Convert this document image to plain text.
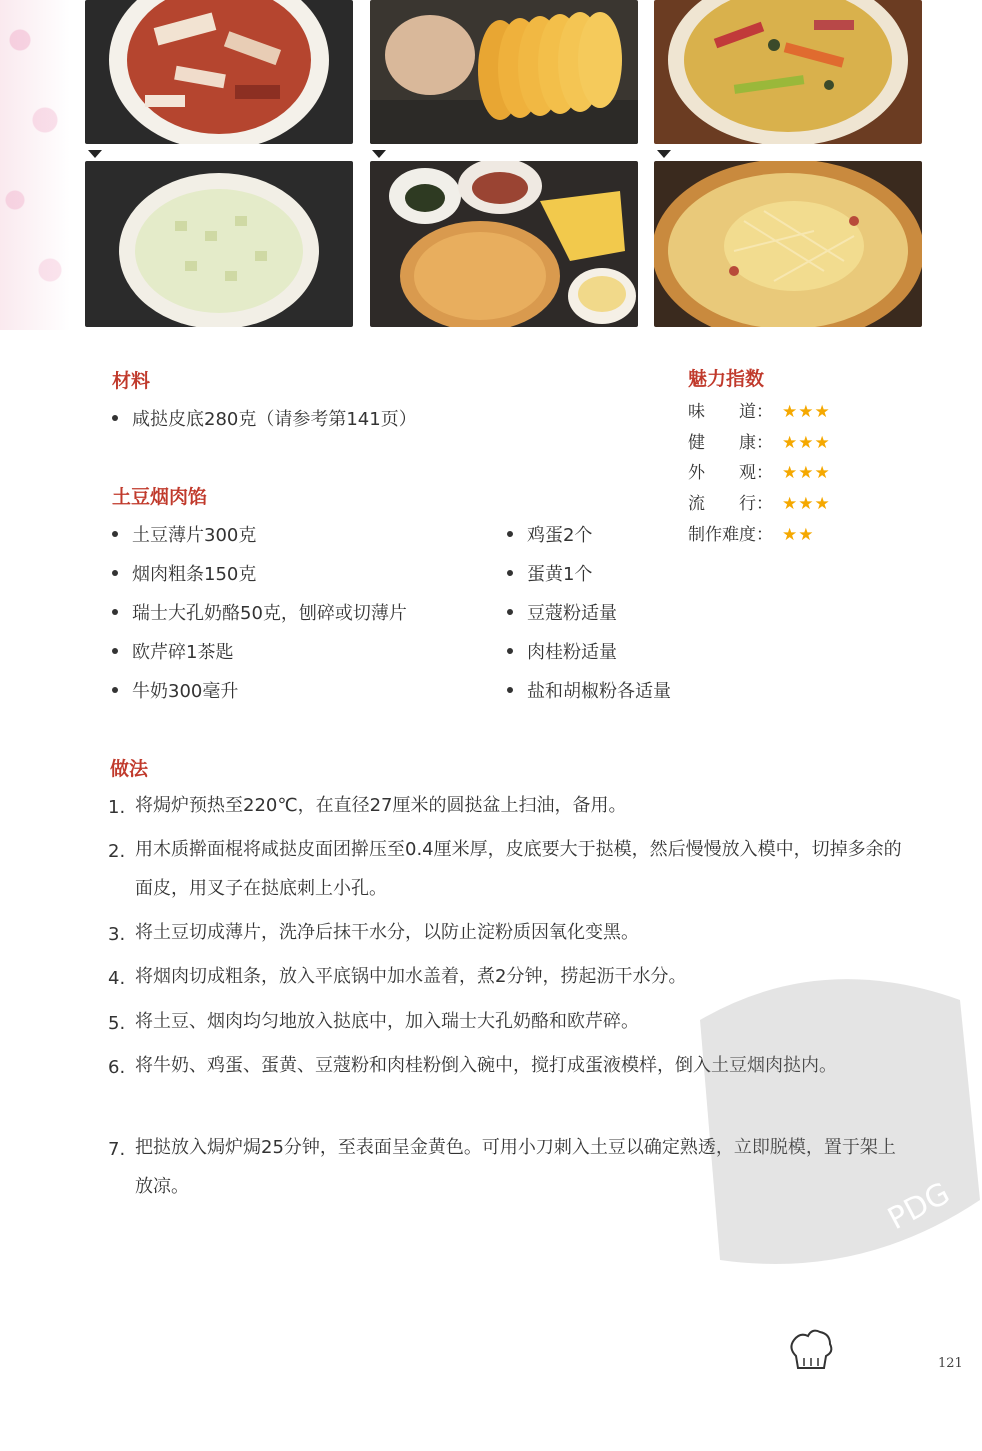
材料
咸挞皮底280克（请参考第141页）
土豆烟肉馅
土豆薄片300克
烟肉粗条150克
瑞士大孔奶酪50克，刨碎或切薄片
欧芹碎1茶匙
牛奶300毫升
鸡蛋2个
蛋黄1个
豆蔻粉适量
肉桂粉适量
盐和胡椒粉各适量
魅力指数
味　　道： ★★★
健　　康： ★★★
外　　观： ★★★
流　　行： ★★★
制作难度： ★★
做法
1. 将焗炉预热至220℃，在直径27厘米的圆挞盆上扫油，备用。
2. 用木质擀面棍将咸挞皮面团擀压至0.4厘米厚，皮底要大于挞模，然后慢慢放入模中，切掉多余的面皮，用叉子在挞底刺上小孔。
3. 将土豆切成薄片，洗净后抹干水分，以防止淀粉质因氧化变黑。
4. 将烟肉切成粗条，放入平底锅中加水盖着，煮2分钟，捞起沥干水分。
5. 将土豆、烟肉均匀地放入挞底中，加入瑞士大孔奶酪和欧芹碎。
6. 将牛奶、鸡蛋、蛋黄、豆蔻粉和肉桂粉倒入碗中，搅打成蛋液模样，倒入土豆烟肉挞内。
7. 把挞放入焗炉焗25分钟，至表面呈金黄色。可用小刀刺入土豆以确定熟透，立即脱模，置于架上放凉。	PDG
121
